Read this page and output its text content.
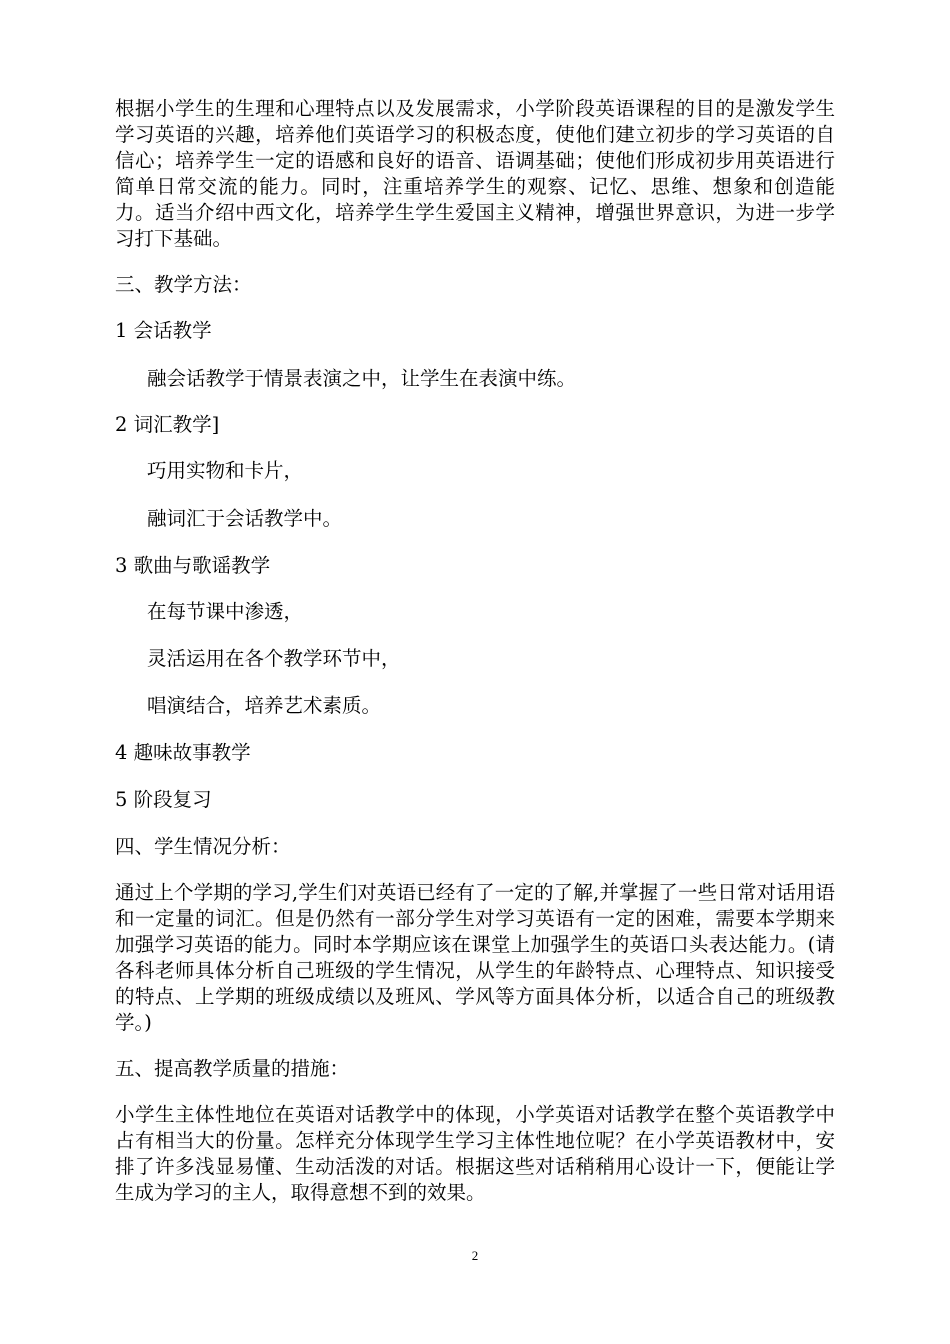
根据小学生的生理和心理特点以及发展需求，小学阶段英语课程的目的是激发学生学习英语的兴趣，培养他们英语学习的积极态度，使他们建立初步的学习英语的自信心；培养学生一定的语感和良好的语音、语调基础；使他们形成初步用英语进行简单日常交流的能力。同时，注重培养学生的观察、记忆、思维、想象和创造能力。适当介绍中西文化，培养学生学生爱国主义精神，增强世界意识，为进一步学习打下基础。

三、教学方法：

1 会话教学

融会话教学于情景表演之中，让学生在表演中练。

2 词汇教学]

巧用实物和卡片，

融词汇于会话教学中。

3 歌曲与歌谣教学

在每节课中渗透，

灵活运用在各个教学环节中，

唱演结合，培养艺术素质。

4 趣味故事教学

5 阶段复习

四、学生情况分析：

通过上个学期的学习,学生们对英语已经有了一定的了解,并掌握了一些日常对话用语和一定量的词汇。但是仍然有一部分学生对学习英语有一定的困难，需要本学期来加强学习英语的能力。同时本学期应该在课堂上加强学生的英语口头表达能力。(请各科老师具体分析自己班级的学生情况，从学生的年龄特点、心理特点、知识接受的特点、上学期的班级成绩以及班风、学风等方面具体分析，以适合自己的班级教学。)

五、提高教学质量的措施：

小学生主体性地位在英语对话教学中的体现，小学英语对话教学在整个英语教学中占有相当大的份量。怎样充分体现学生学习主体性地位呢？在小学英语教材中，安排了许多浅显易懂、生动活泼的对话。根据这些对话稍稍用心设计一下，便能让学生成为学习的主人，取得意想不到的效果。

2
